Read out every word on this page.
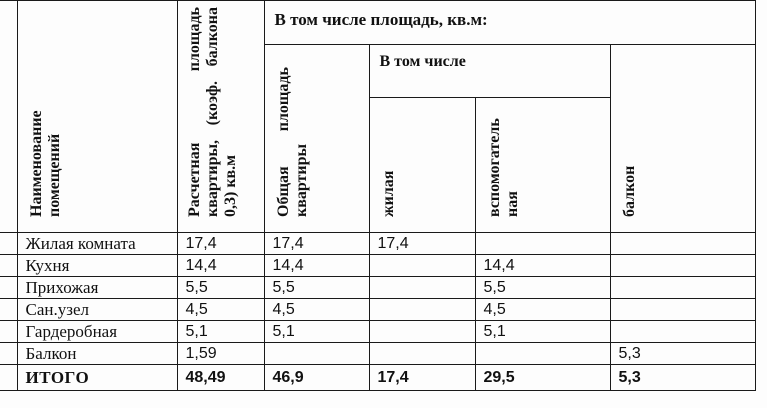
	Наименование помещений	Расчетная площадь квартиры, (коэф. балкона 0,3) кв.м	В том числе площадь, кв.м:			
			Общая площадь квартиры	В том числе		балкон
				жилая	вспомогательная	
	Жилая комната	17,4	17,4	17,4		
	Кухня	14,4	14,4		14,4	
	Прихожая	5,5	5,5		5,5	
	Сан.узел	4,5	4,5		4,5	
	Гардеробная	5,1	5,1		5,1	
	Балкон	1,59				5,3
	ИТОГО	48,49	46,9	17,4	29,5	5,3
